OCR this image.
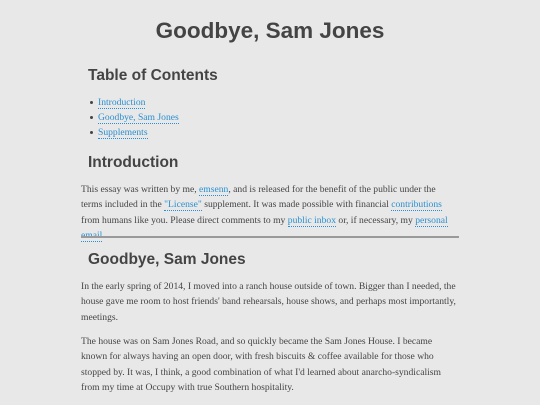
Goodbye, Sam Jones
Table of Contents
Introduction
Goodbye, Sam Jones
Supplements
Introduction

This essay was written by me, emsenn, and is released for the benefit of the public under the terms included in the "License" supplement. It was made possible with financial contributions from humans like you. Please direct comments to my public inbox or, if necessary, my personal

Goodbye, Sam Jones

In the early spring of 2014, I moved into a ranch house outside of town. Bigger than I needed, the house gave me room to host friends' band rehearsals, house shows, and perhaps most importantly, meetings.

The house was on Sam Jones Road, and so quickly became the Sam Jones House. I became known for always having an open door, with fresh biscuits & coffee available for those who stopped by. It was, I think, a good combination of what I'd learned about anarcho-syndicalism from my time at Occupy with true Southern hospitality.
